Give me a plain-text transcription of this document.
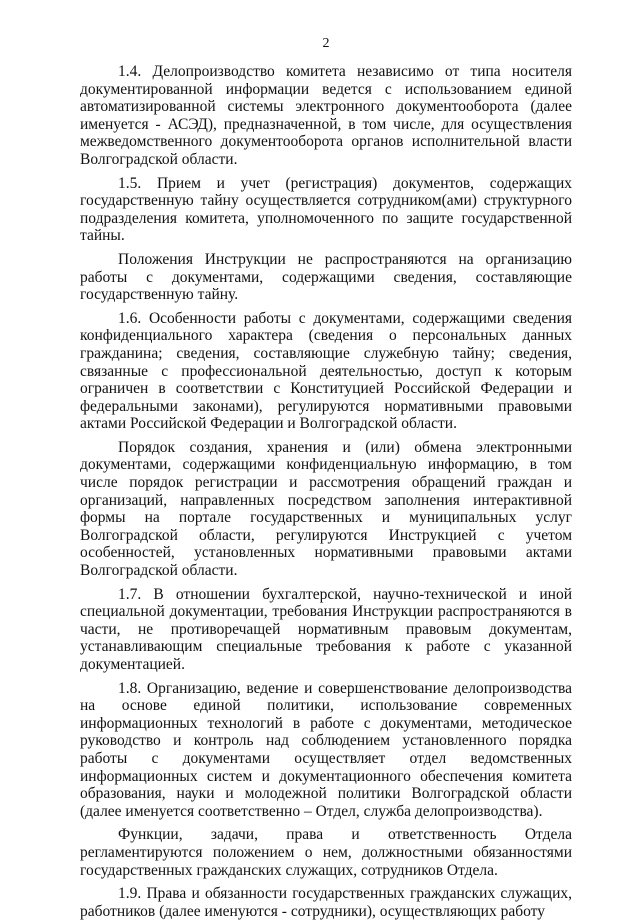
2

1.4. Делопроизводство комитета независимо от типа носителя документированной информации ведется с использованием единой автоматизированной системы электронного документооборота (далее именуется - АСЭД), предназначенной, в том числе, для осуществления межведомственного документооборота органов исполнительной власти Волгоградской области.

1.5. Прием и учет (регистрация) документов, содержащих государственную тайну осуществляется сотрудником(ами) структурного подразделения комитета, уполномоченного по защите государственной тайны.

Положения Инструкции не распространяются на организацию работы с документами, содержащими сведения, составляющие государственную тайну.

1.6. Особенности работы с документами, содержащими сведения конфиденциального характера (сведения о персональных данных гражданина; сведения, составляющие служебную тайну; сведения, связанные с профессиональной деятельностью, доступ к которым ограничен в соответствии с Конституцией Российской Федерации и федеральными законами), регулируются нормативными правовыми актами Российской Федерации и Волгоградской области.

Порядок создания, хранения и (или) обмена электронными документами, содержащими конфиденциальную информацию, в том числе порядок регистрации и рассмотрения обращений граждан и организаций, направленных посредством заполнения интерактивной формы на портале государственных и муниципальных услуг Волгоградской области, регулируются Инструкцией с учетом особенностей, установленных нормативными правовыми актами Волгоградской области.

1.7. В отношении бухгалтерской, научно-технической и иной специальной документации, требования Инструкции распространяются в части, не противоречащей нормативным правовым документам, устанавливающим специальные требования к работе с указанной документацией.

1.8. Организацию, ведение и совершенствование делопроизводства на основе единой политики, использование современных информационных технологий в работе с документами, методическое руководство и контроль над соблюдением установленного порядка работы с документами осуществляет отдел ведомственных информационных систем и документационного обеспечения комитета образования, науки и молодежной политики Волгоградской области (далее именуется соответственно – Отдел, служба делопроизводства).

Функции, задачи, права и ответственность Отдела регламентируются положением о нем, должностными обязанностями государственных гражданских служащих, сотрудников Отдела.

1.9. Права и обязанности государственных гражданских служащих, работников (далее именуются - сотрудники), осуществляющих работу
